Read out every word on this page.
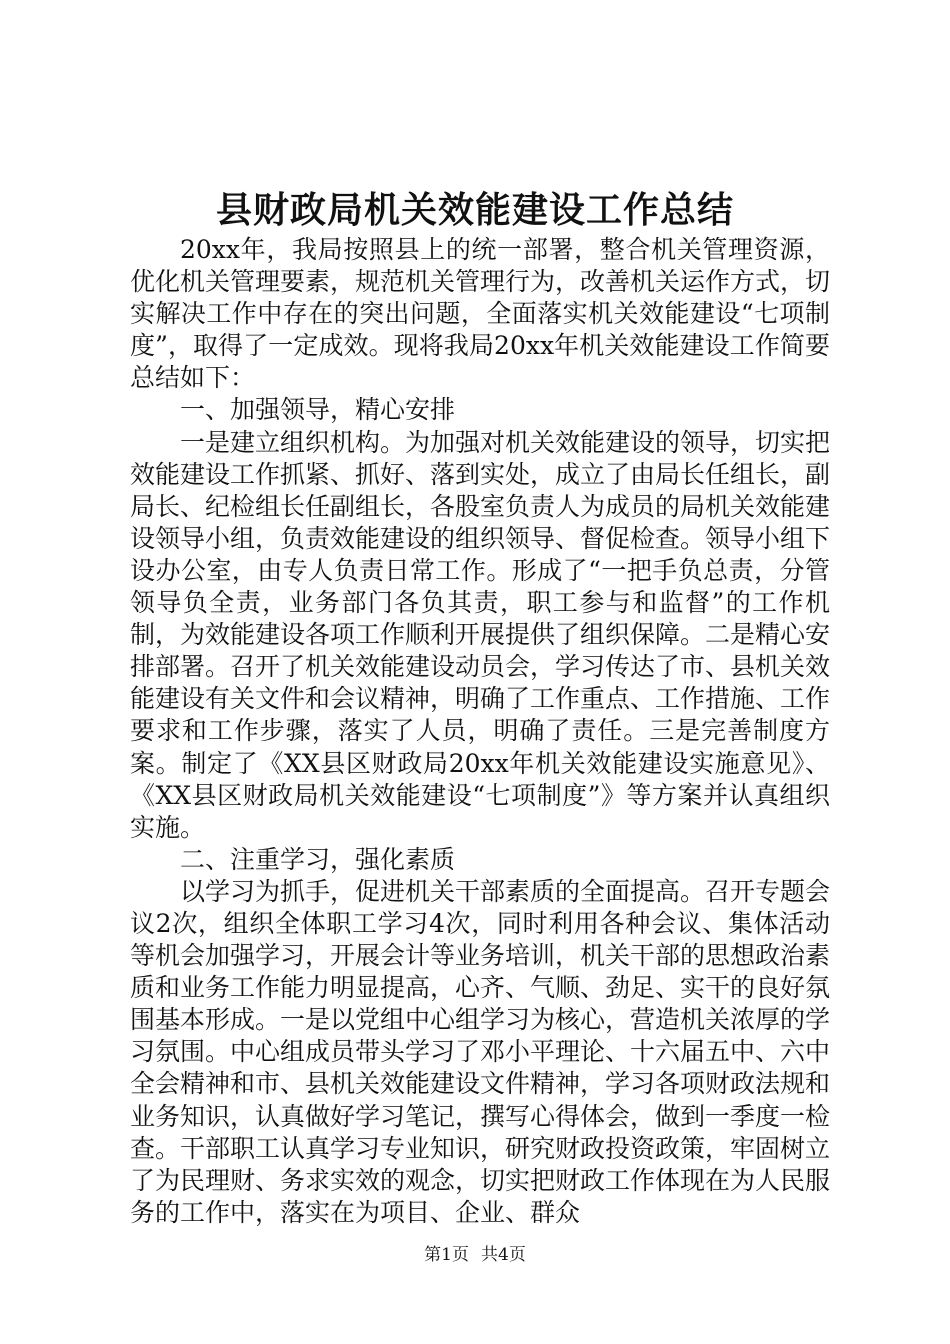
县财政局机关效能建设工作总结

20xx年，我局按照县上的统一部署，整合机关管理资源，优化机关管理要素，规范机关管理行为，改善机关运作方式，切实解决工作中存在的突出问题，全面落实机关效能建设“七项制度”，取得了一定成效。现将我局20xx年机关效能建设工作简要总结如下：

一、加强领导，精心安排

一是建立组织机构。为加强对机关效能建设的领导，切实把效能建设工作抓紧、抓好、落到实处，成立了由局长任组长，副局长、纪检组长任副组长，各股室负责人为成员的局机关效能建设领导小组，负责效能建设的组织领导、督促检查。领导小组下设办公室，由专人负责日常工作。形成了“一把手负总责，分管领导负全责，业务部门各负其责，职工参与和监督”的工作机制，为效能建设各项工作顺利开展提供了组织保障。二是精心安排部署。召开了机关效能建设动员会，学习传达了市、县机关效能建设有关文件和会议精神，明确了工作重点、工作措施、工作要求和工作步骤，落实了人员，明确了责任。三是完善制度方案。制定了《XX县区财政局20xx年机关效能建设实施意见》、《XX县区财政局机关效能建设“七项制度”》等方案并认真组织实施。

二、注重学习，强化素质

以学习为抓手，促进机关干部素质的全面提高。召开专题会议2次，组织全体职工学习4次，同时利用各种会议、集体活动等机会加强学习，开展会计等业务培训，机关干部的思想政治素质和业务工作能力明显提高，心齐、气顺、劲足、实干的良好氛围基本形成。一是以党组中心组学习为核心，营造机关浓厚的学习氛围。中心组成员带头学习了邓小平理论、十六届五中、六中全会精神和市、县机关效能建设文件精神，学习各项财政法规和业务知识，认真做好学习笔记，撰写心得体会，做到一季度一检查。干部职工认真学习专业知识，研究财政投资政策，牢固树立了为民理财、务求实效的观念，切实把财政工作体现在为人民服务的工作中，落实在为项目、企业、群众

第1页 共4页
